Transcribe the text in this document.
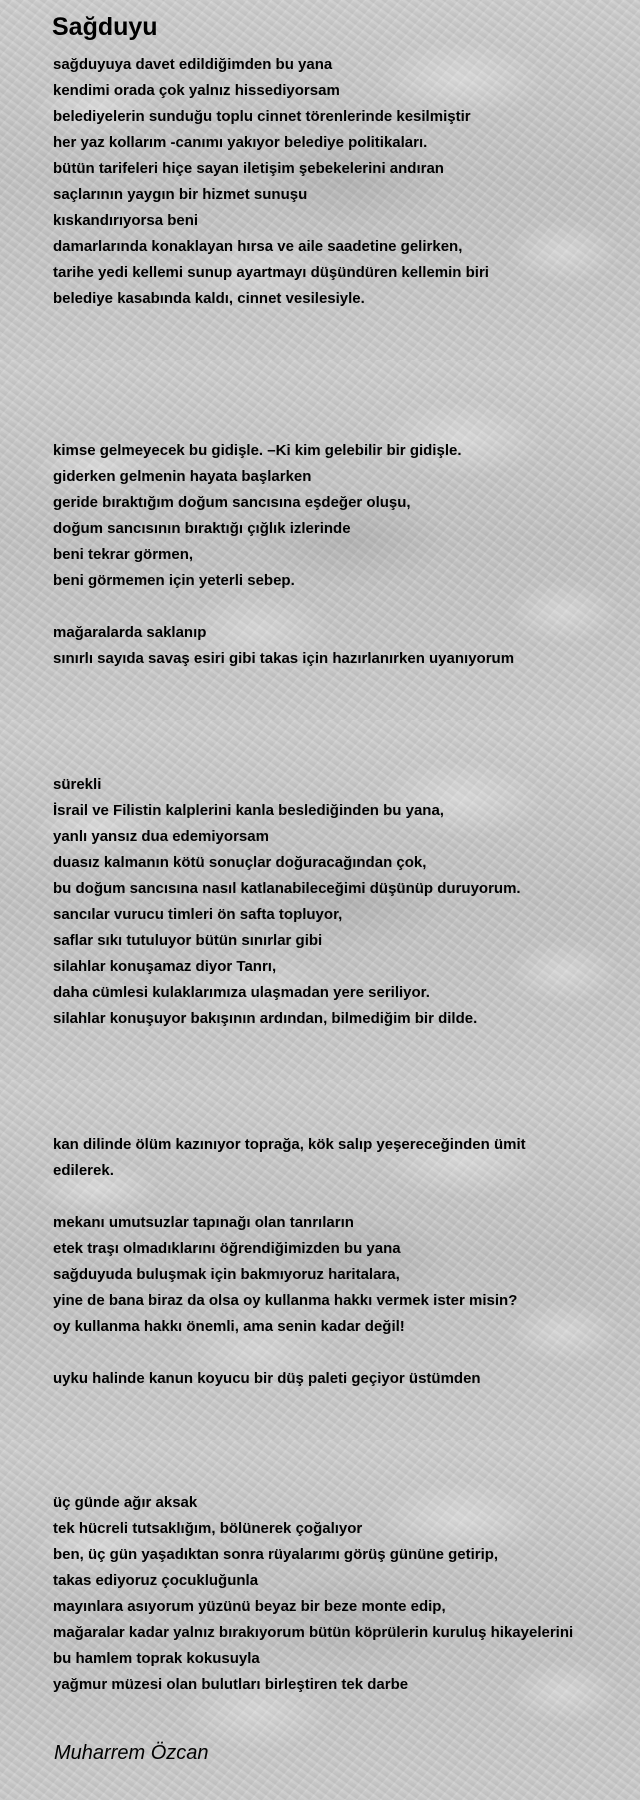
Sağduyu

sağduyuya davet edildiğimden bu yana
kendimi orada çok yalnız hissediyorsam
belediyelerin sunduğu toplu cinnet törenlerinde kesilmiştir
her yaz kollarım -canımı yakıyor belediye politikaları.
bütün tarifeleri hiçe sayan iletişim şebekelerini andıran
saçlarının yaygın bir hizmet sunuşu
kıskandırıyorsa beni
damarlarında konaklayan hırsa ve aile saadetine gelirken,
tarihe yedi kellemi sunup ayartmayı düşündüren kellemin biri
belediye kasabında kaldı, cinnet vesilesiyle.

kimse gelmeyecek bu gidişle. –Ki kim gelebilir bir gidişle.
giderken gelmenin hayata başlarken
geride bıraktığım doğum sancısına eşdeğer oluşu,
doğum sancısının bıraktığı çığlık izlerinde
beni tekrar görmen,
beni görmemen için yeterli sebep.

mağaralarda saklanıp
sınırlı sayıda savaş esiri gibi takas için hazırlanırken uyanıyorum

sürekli
İsrail ve Filistin kalplerini kanla beslediğinden bu yana,
yanlı yansız dua edemiyorsam
duasız kalmanın kötü sonuçlar doğuracağından çok,
bu doğum sancısına nasıl katlanabileceğimi düşünüp duruyorum.
sancılar vurucu timleri ön safta topluyor,
saflar sıkı tutuluyor bütün sınırlar gibi
silahlar konuşamaz diyor Tanrı,
daha cümlesi kulaklarımıza ulaşmadan yere seriliyor.
silahlar konuşuyor bakışının ardından, bilmediğim bir dilde.

kan dilinde ölüm kazınıyor toprağa, kök salıp yeşereceğinden ümit
edilerek.

mekanı umutsuzlar tapınağı olan tanrıların
etek traşı olmadıklarını öğrendiğimizden bu yana
sağduyuda buluşmak için bakmıyoruz haritalara,
yine de bana biraz da olsa oy kullanma hakkı vermek ister misin?
oy kullanma hakkı önemli, ama senin kadar değil!

uyku halinde kanun koyucu bir düş paleti geçiyor üstümden

üç günde ağır aksak
tek hücreli tutsaklığım, bölünerek çoğalıyor
ben, üç gün yaşadıktan sonra rüyalarımı görüş gününe getirip,
takas ediyoruz çocukluğunla
mayınlara asıyorum yüzünü beyaz bir beze monte edip,
mağaralar kadar yalnız bırakıyorum bütün köprülerin kuruluş hikayelerini
bu hamlem toprak kokusuyla
yağmur müzesi olan bulutları birleştiren tek darbe

Muharrem Özcan
